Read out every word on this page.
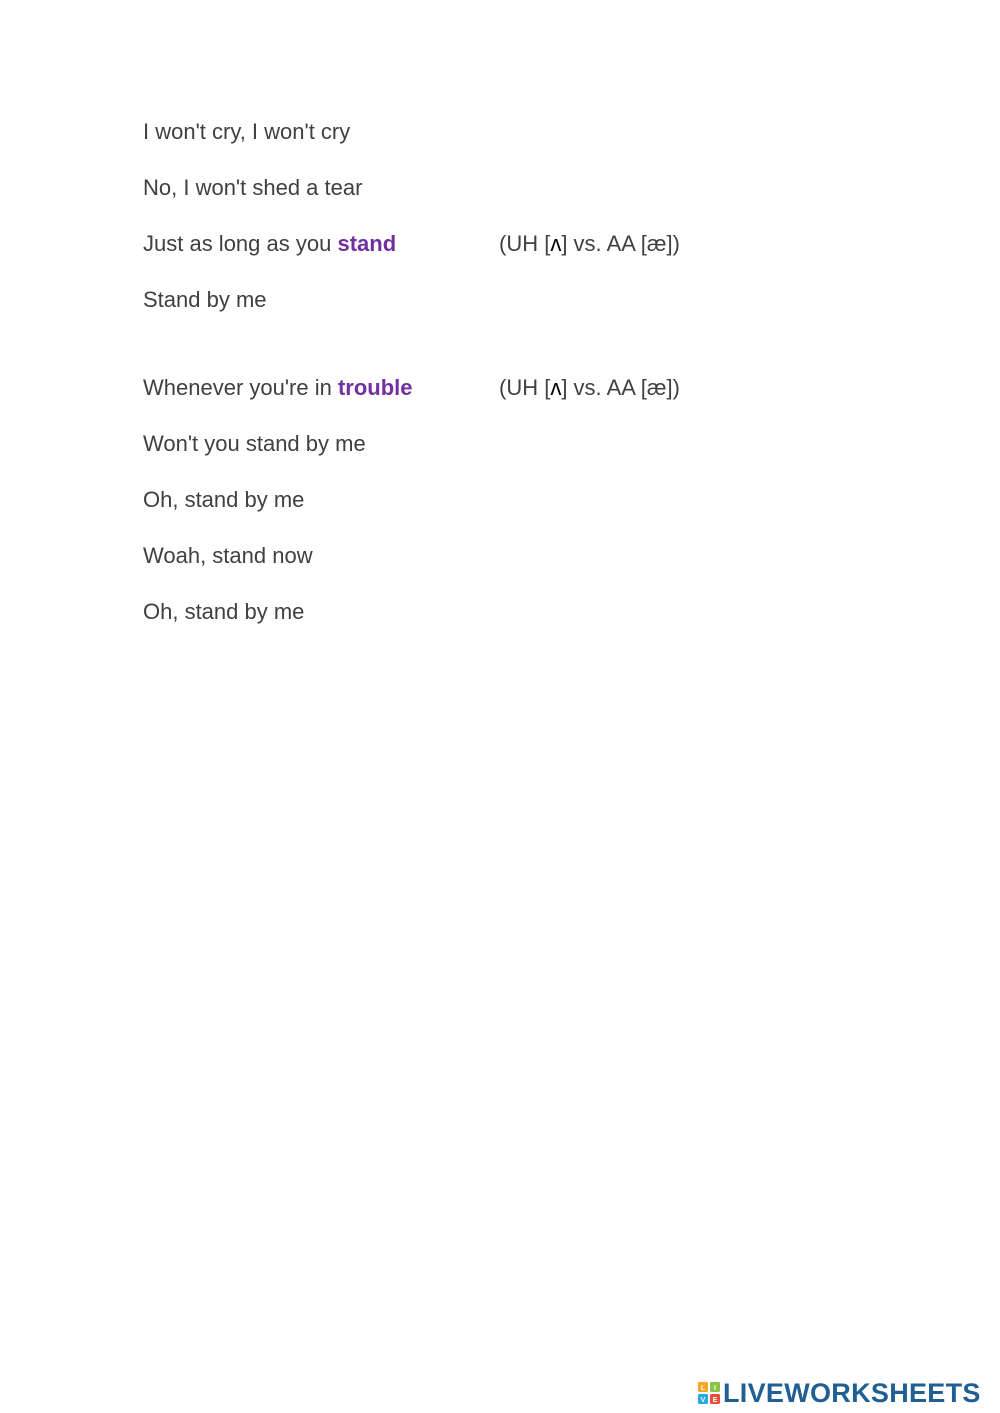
I won't cry, I won't cry
No, I won't shed a tear
Just as long as you stand	(UH [ʌ] vs. AA [æ])
Stand by me
Whenever you're in trouble	(UH [ʌ] vs. AA [æ])
Won't you stand by me
Oh, stand by me
Woah, stand now
Oh, stand by me
L I
V E LIVEWORKSHEETS
